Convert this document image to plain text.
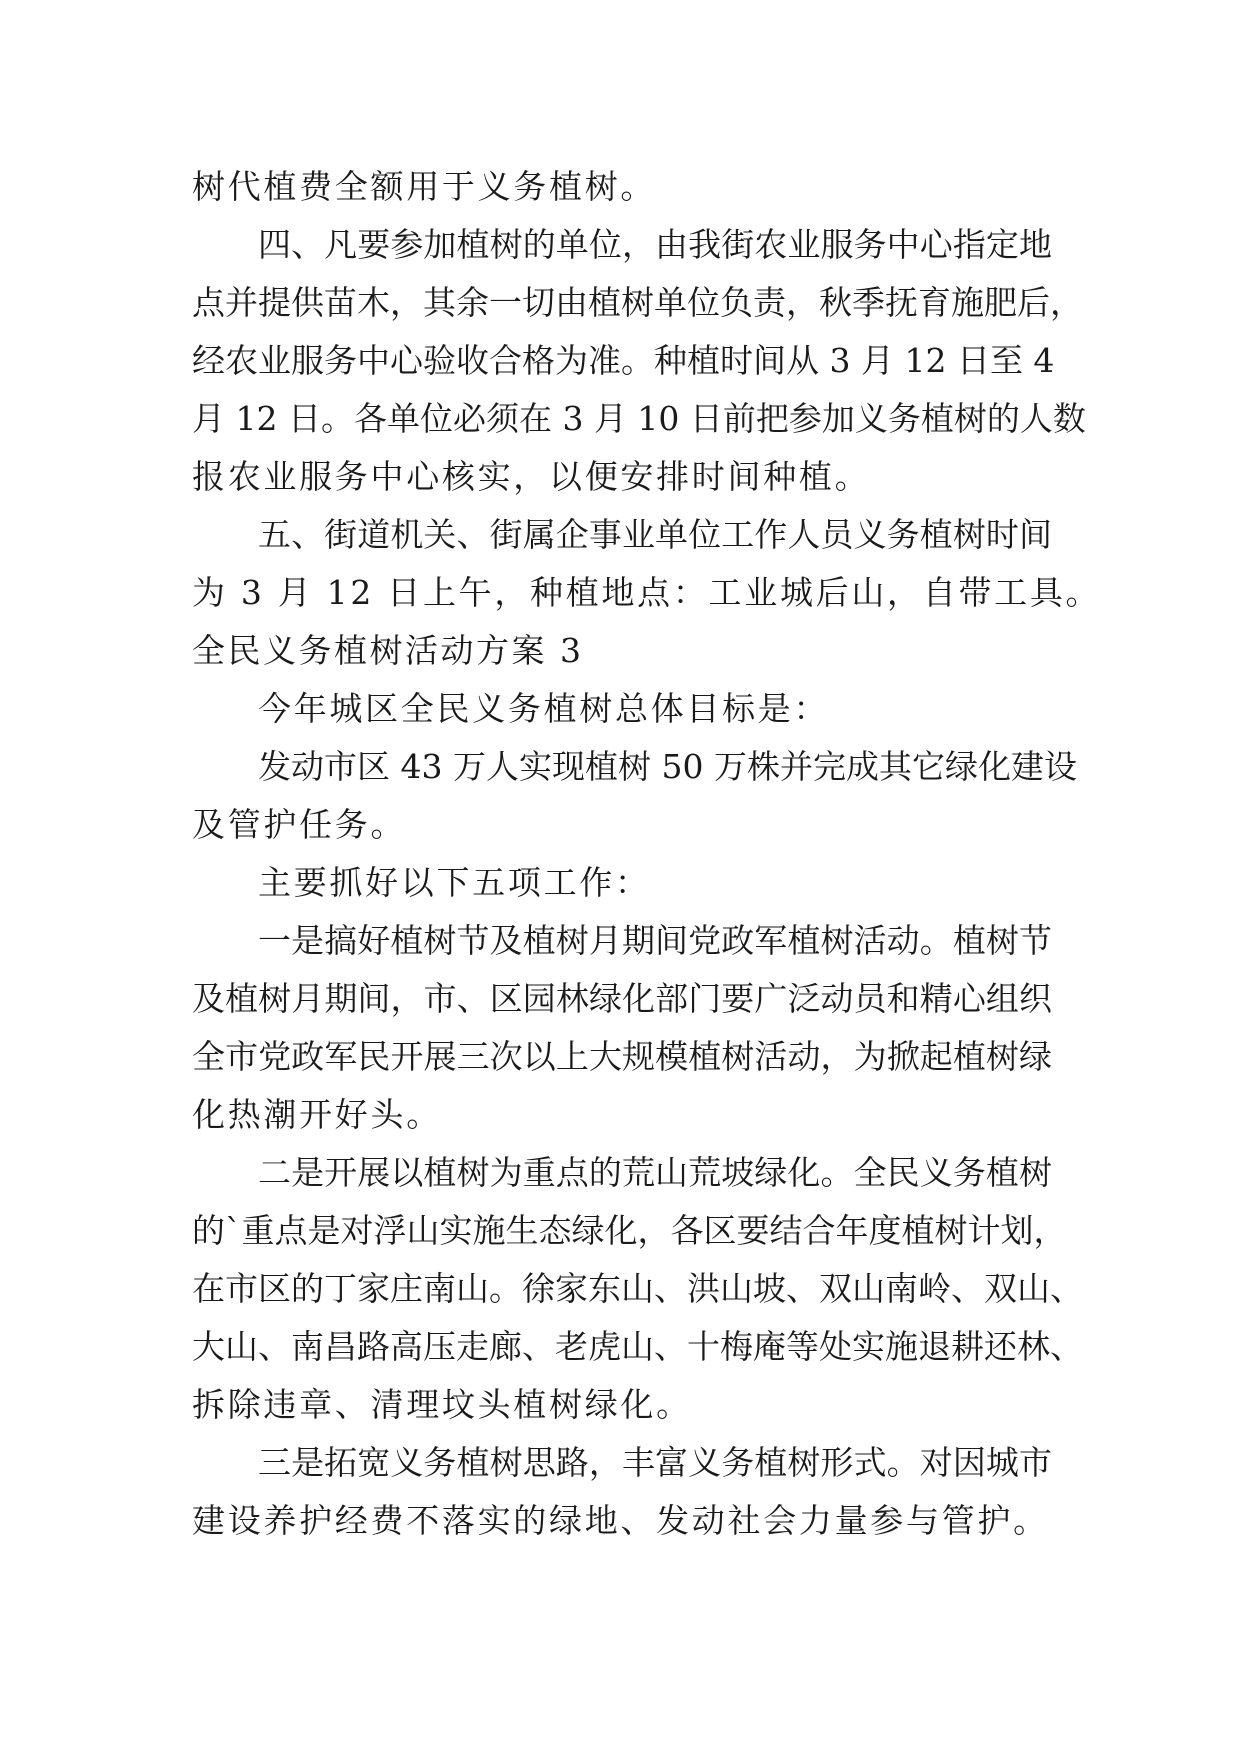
树代植费全额用于义务植树。
四、凡要参加植树的单位，由我街农业服务中心指定地
点并提供苗木，其余一切由植树单位负责，秋季抚育施肥后，
经农业服务中心验收合格为准。种植时间从 3 月 12 日至 4
月 12 日。各单位必须在 3 月 10 日前把参加义务植树的人数
报农业服务中心核实，以便安排时间种植。
五、街道机关、街属企事业单位工作人员义务植树时间
为 3 月 12 日上午，种植地点：工业城后山，自带工具。
全民义务植树活动方案 3
今年城区全民义务植树总体目标是：
发动市区 43 万人实现植树 50 万株并完成其它绿化建设
及管护任务。
主要抓好以下五项工作：
一是搞好植树节及植树月期间党政军植树活动。植树节
及植树月期间，市、区园林绿化部门要广泛动员和精心组织
全市党政军民开展三次以上大规模植树活动，为掀起植树绿
化热潮开好头。
二是开展以植树为重点的荒山荒坡绿化。全民义务植树
的`重点是对浮山实施生态绿化，各区要结合年度植树计划，
在市区的丁家庄南山。徐家东山、洪山坡、双山南岭、双山、
大山、南昌路高压走廊、老虎山、十梅庵等处实施退耕还林、
拆除违章、清理坟头植树绿化。
三是拓宽义务植树思路，丰富义务植树形式。对因城市
建设养护经费不落实的绿地、发动社会力量参与管护。
